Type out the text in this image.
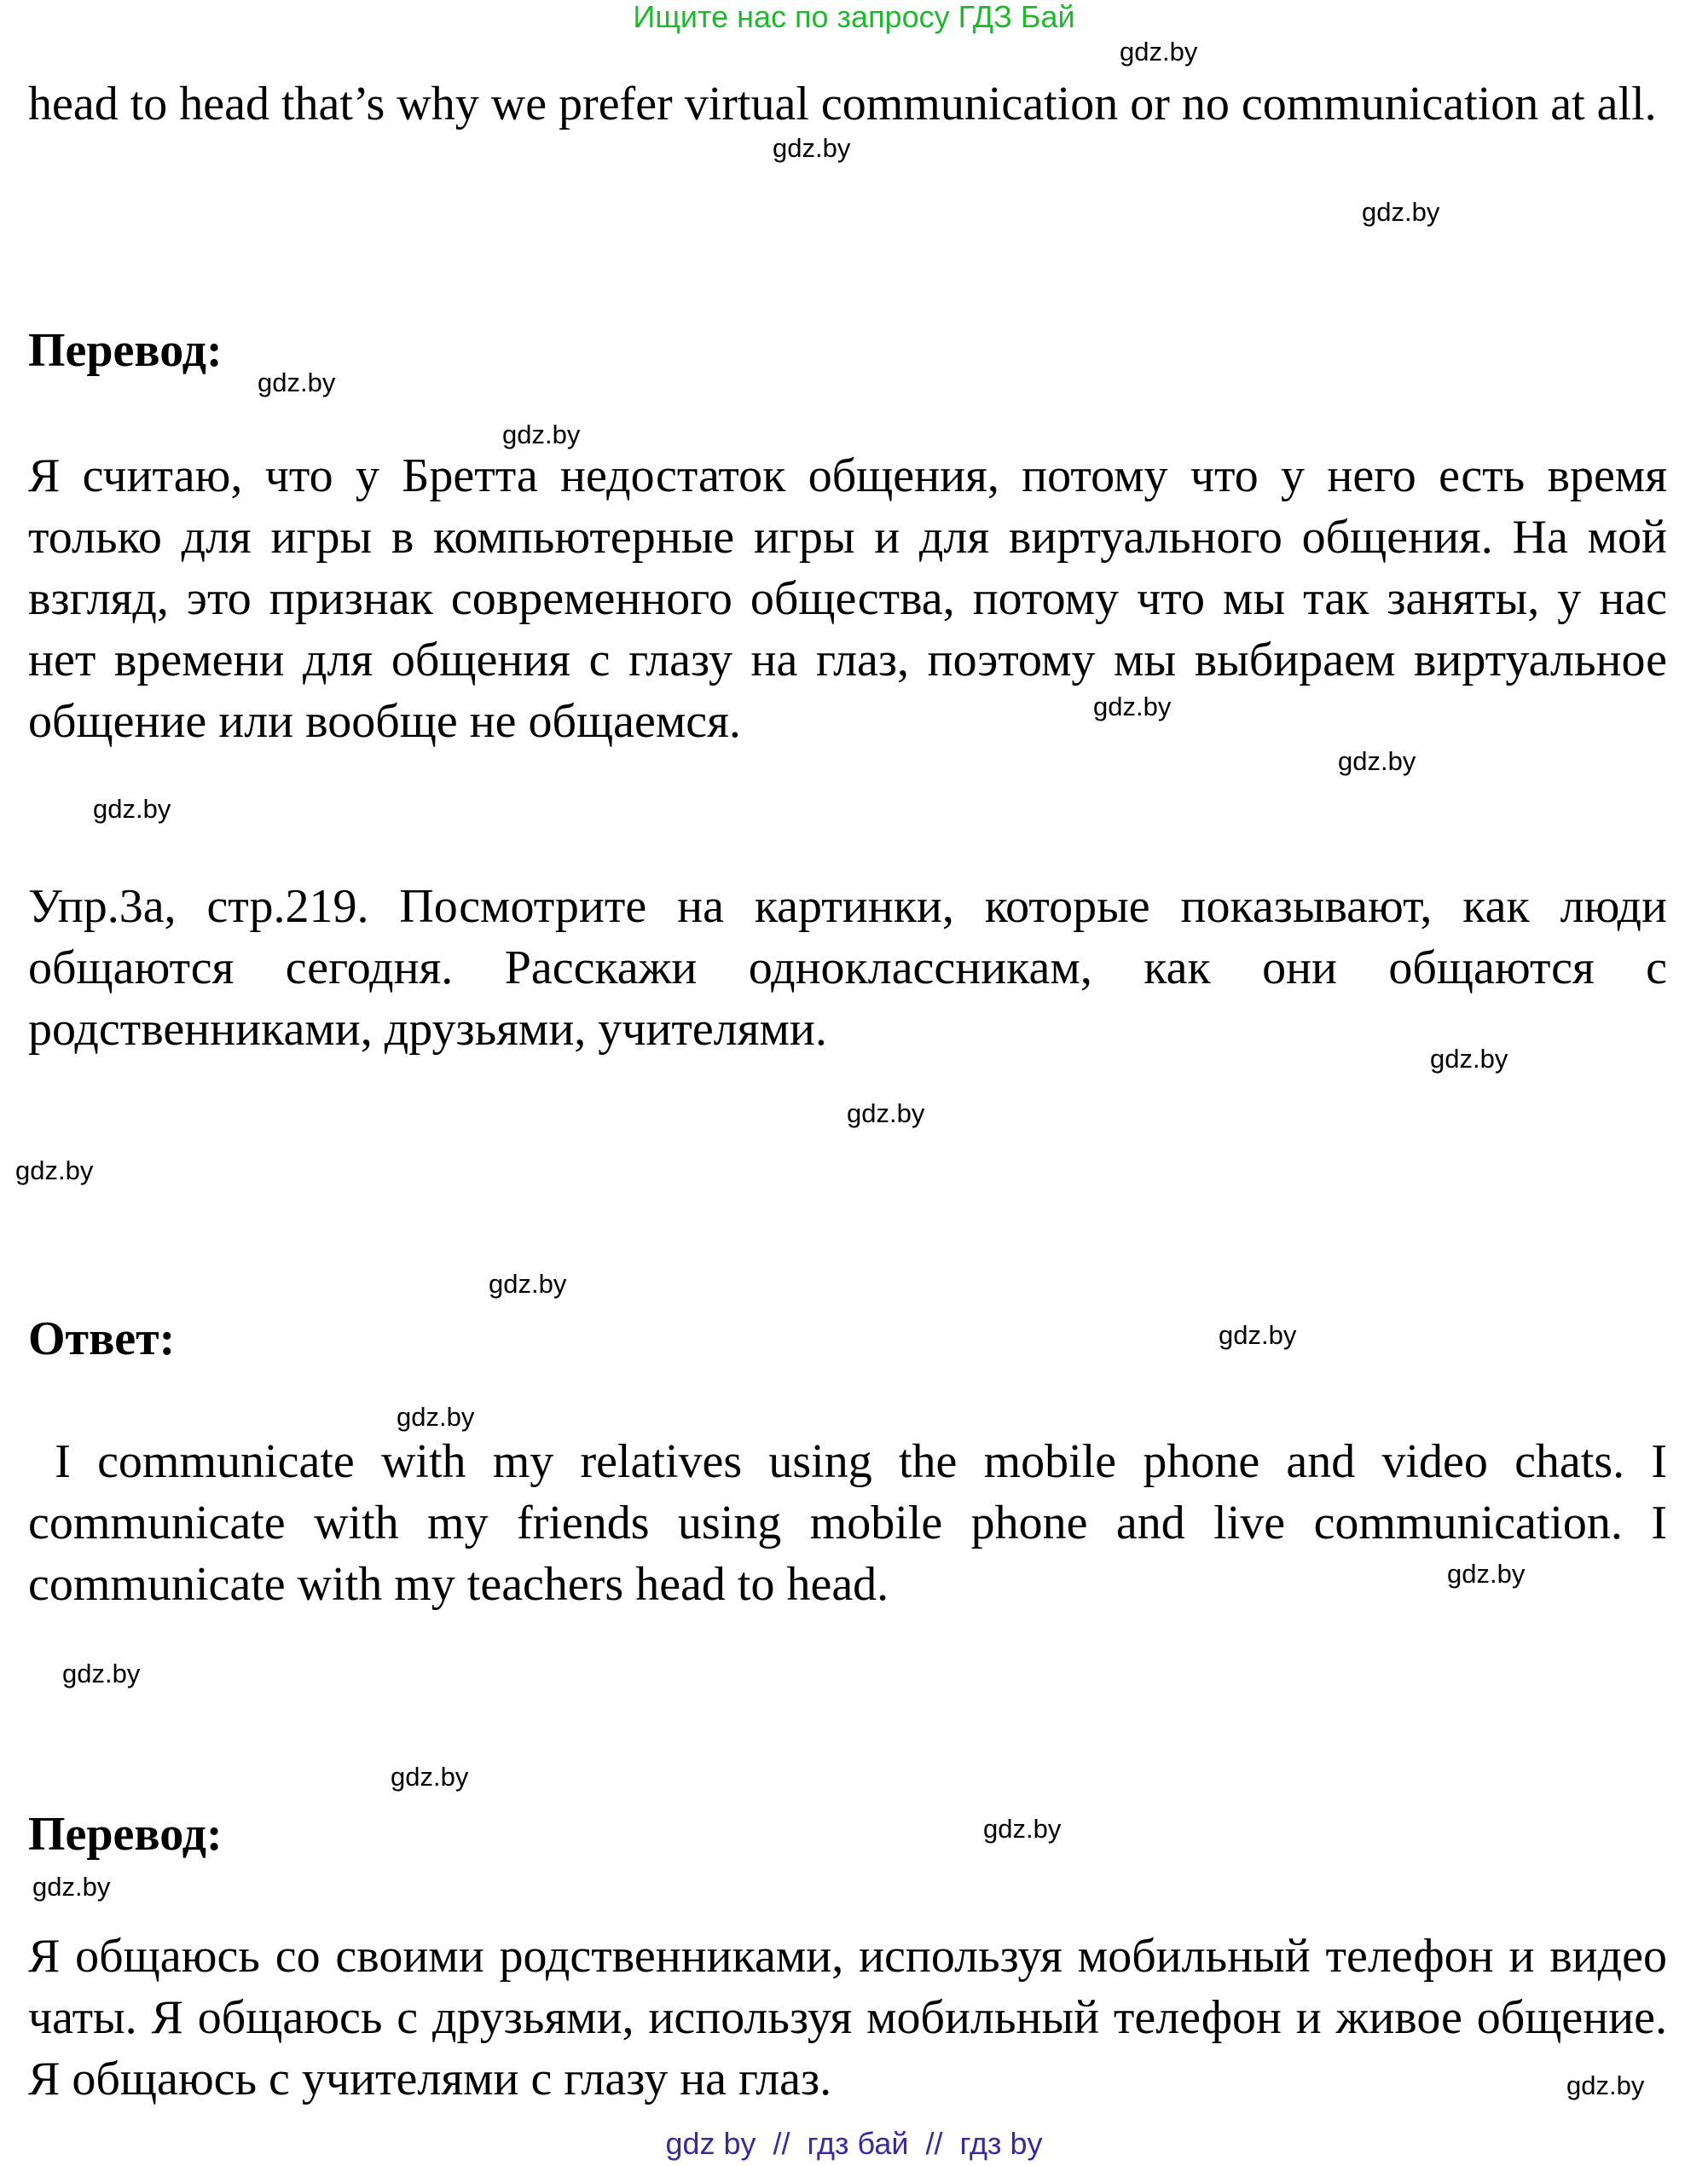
Ищите нас по запросу ГДЗ Бай
gdz.by
gdz.by
gdz.by
gdz.by
gdz.by
gdz.by
gdz.by
gdz.by
gdz.by
gdz.by
gdz.by
gdz.by
gdz.by
gdz.by
gdz.by
gdz.by
gdz.by
gdz.by
gdz.by
gdz.by

head to head that’s why we prefer virtual communication or no communication at all.

Перевод:

Я считаю, что у Бретта недостаток общения, потому что у него есть время только для игры в компьютерные игры и для виртуального общения. На мой взгляд, это признак современного общества, потому что мы так заняты, у нас нет времени для общения с глазу на глаз, поэтому мы выбираем виртуальное общение или вообще не общаемся.

Упр.3а, стр.219. Посмотрите на картинки, которые показывают, как люди общаются сегодня. Расскажи одноклассникам, как они общаются с родственниками, друзьями, учителями.

Ответ:

I communicate with my relatives using the mobile phone and video chats. I communicate with my friends using mobile phone and live communication. I communicate with my teachers head to head.

Перевод:

Я общаюсь со своими родственниками, используя мобильный телефон и видео чаты. Я общаюсь с друзьями, используя мобильный телефон и живое общение. Я общаюсь с учителями с глазу на глаз.

gdz by  //  гдз бай  //  гдз by
